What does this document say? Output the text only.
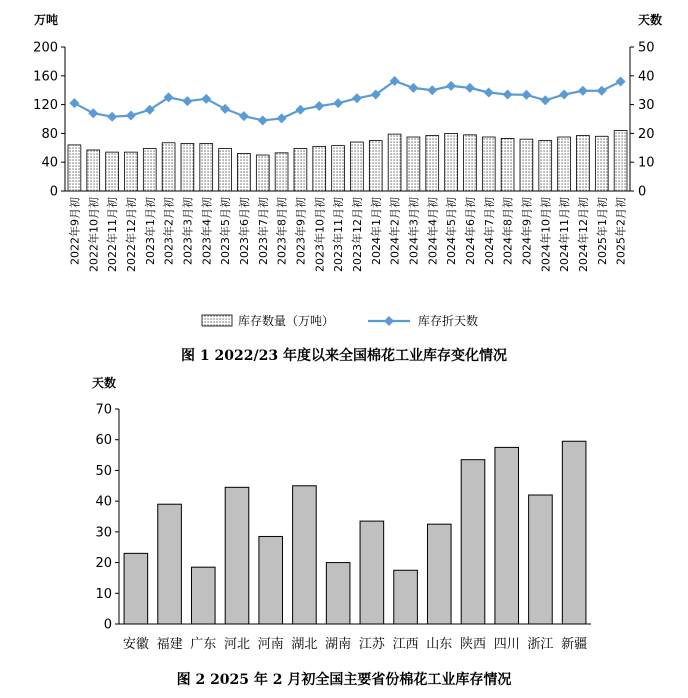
0
40
80
120
160
200
0
10
20
30
40
50
万吨	天数
2022年9月初 2022年10月初 2022年11月初 2022年12月初 2023年1月初 2023年2月初 2023年3月初 2023年4月初 2023年5月初 2023年6月初 2023年7月初 2023年8月初 2023年9月初 2023年10月初 2023年11月初 2023年12月初 2024年1月初 2024年2月初 2024年3月初 2024年4月初 2024年5月初 2024年6月初 2024年7月初 2024年8月初 2024年9月初 2024年10月初 2024年11月初 2024年12月初 2025年1月初 2025年2月初
库存数量（万吨）	库存折天数
图 1 2022/23 年度以来全国棉花工业库存变化情况
0
10
20
30
40
50
60
70
天数
安徽 福建 广东 河北 河南 湖北 湖南 江苏 江西 山东 陕西 四川 浙江 新疆
图 2 2025 年 2 月初全国主要省份棉花工业库存情况
